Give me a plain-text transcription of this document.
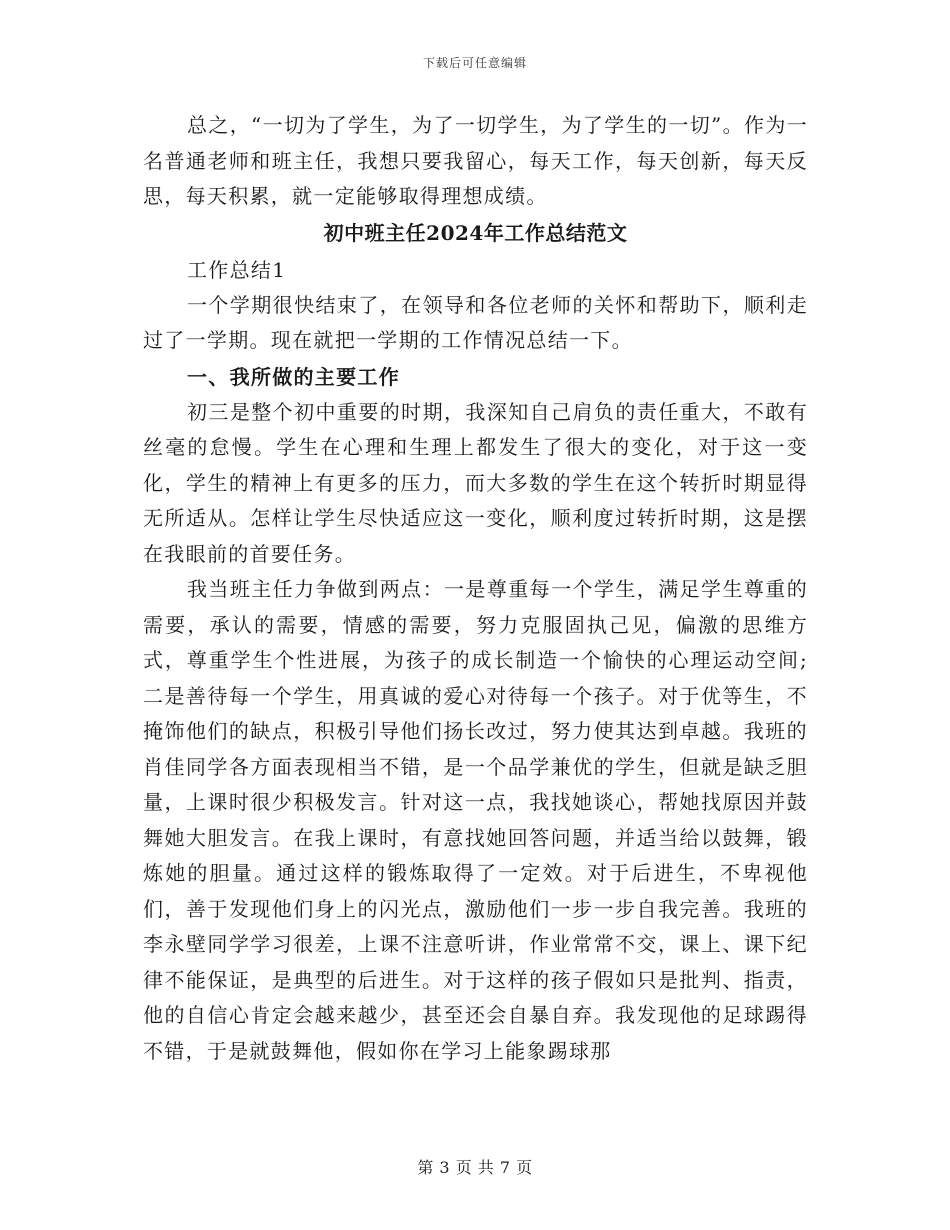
下载后可任意编辑

总之，“一切为了学生，为了一切学生，为了学生的一切”。作为一名普通老师和班主任，我想只要我留心，每天工作，每天创新，每天反思，每天积累，就一定能够取得理想成绩。

初中班主任2024年工作总结范文

工作总结1

一个学期很快结束了，在领导和各位老师的关怀和帮助下，顺利走过了一学期。现在就把一学期的工作情况总结一下。

一、我所做的主要工作

初三是整个初中重要的时期，我深知自己肩负的责任重大，不敢有丝毫的怠慢。学生在心理和生理上都发生了很大的变化，对于这一变化，学生的精神上有更多的压力，而大多数的学生在这个转折时期显得无所适从。怎样让学生尽快适应这一变化，顺利度过转折时期，这是摆在我眼前的首要任务。

我当班主任力争做到两点：一是尊重每一个学生，满足学生尊重的需要，承认的需要，情感的需要，努力克服固执己见，偏激的思维方式，尊重学生个性进展，为孩子的成长制造一个愉快的心理运动空间;二是善待每一个学生，用真诚的爱心对待每一个孩子。对于优等生，不掩饰他们的缺点，积极引导他们扬长改过，努力使其达到卓越。我班的肖佳同学各方面表现相当不错，是一个品学兼优的学生，但就是缺乏胆量，上课时很少积极发言。针对这一点，我找她谈心，帮她找原因并鼓舞她大胆发言。在我上课时，有意找她回答问题，并适当给以鼓舞，锻炼她的胆量。通过这样的锻炼取得了一定效。对于后进生，不卑视他们，善于发现他们身上的闪光点，激励他们一步一步自我完善。我班的李永壁同学学习很差，上课不注意听讲，作业常常不交，课上、课下纪律不能保证，是典型的后进生。对于这样的孩子假如只是批判、指责，他的自信心肯定会越来越少，甚至还会自暴自弃。我发现他的足球踢得不错，于是就鼓舞他，假如你在学习上能象踢球那

第 3 页 共 7 页
